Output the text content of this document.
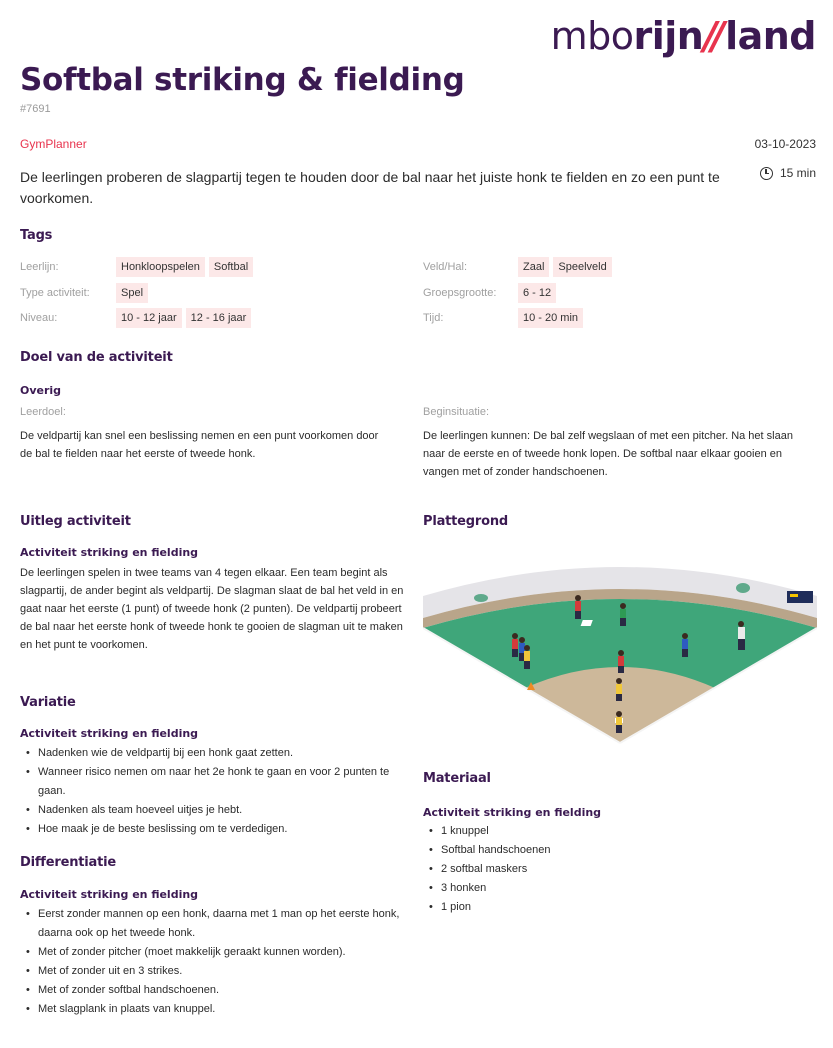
mborijn// land
Softbal striking & fielding
#7691
GymPlanner	03-10-2023
De leerlingen proberen de slagpartij tegen te houden door de bal naar het juiste honk te fielden en zo een punt te voorkomen.
15 min
Tags
Leerlijn:	Honkloopspelen	Softbal
Type activiteit:	Spel
Niveau:	10 - 12 jaar	12 - 16 jaar
Veld/Hal:	Zaal	Speelveld
Groepsgrootte:	6 - 12
Tijd:	10 - 20 min
Doel van de activiteit
Overig
Leerdoel:
De veldpartij kan snel een beslissing nemen en een punt voorkomen door de bal te fielden naar het eerste of tweede honk.
Beginsituatie:
De leerlingen kunnen: De bal zelf wegslaan of met een pitcher. Na het slaan naar de eerste en of tweede honk lopen. De softbal naar elkaar gooien en vangen met of zonder handschoenen.
Uitleg activiteit
Activiteit striking en fielding
De leerlingen spelen in twee teams van 4 tegen elkaar. Een team begint als slagpartij, de ander begint als veldpartij. De slagman slaat de bal het veld in en gaat naar het eerste (1 punt) of tweede honk (2 punten). De veldpartij probeert de bal naar het eerste honk of tweede honk te gooien de slagman uit te maken en het punt te voorkomen.
Variatie
Activiteit striking en fielding
• Nadenken wie de veldpartij bij een honk gaat zetten.
• Wanneer risico nemen om naar het 2e honk te gaan en voor 2 punten te gaan.
• Nadenken als team hoeveel uitjes je hebt.
• Hoe maak je de beste beslissing om te verdedigen.
Differentiatie
Activiteit striking en fielding
• Eerst zonder mannen op een honk, daarna met 1 man op het eerste honk, daarna ook op het tweede honk.
• Met of zonder pitcher (moet makkelijk geraakt kunnen worden).
• Met of zonder uit en 3 strikes.
• Met of zonder softbal handschoenen.
• Met slagplank in plaats van knuppel.
Plattegrond
Materiaal
Activiteit striking en fielding
• 1 knuppel
• Softbal handschoenen
• 2 softbal maskers
• 3 honken
• 1 pion
